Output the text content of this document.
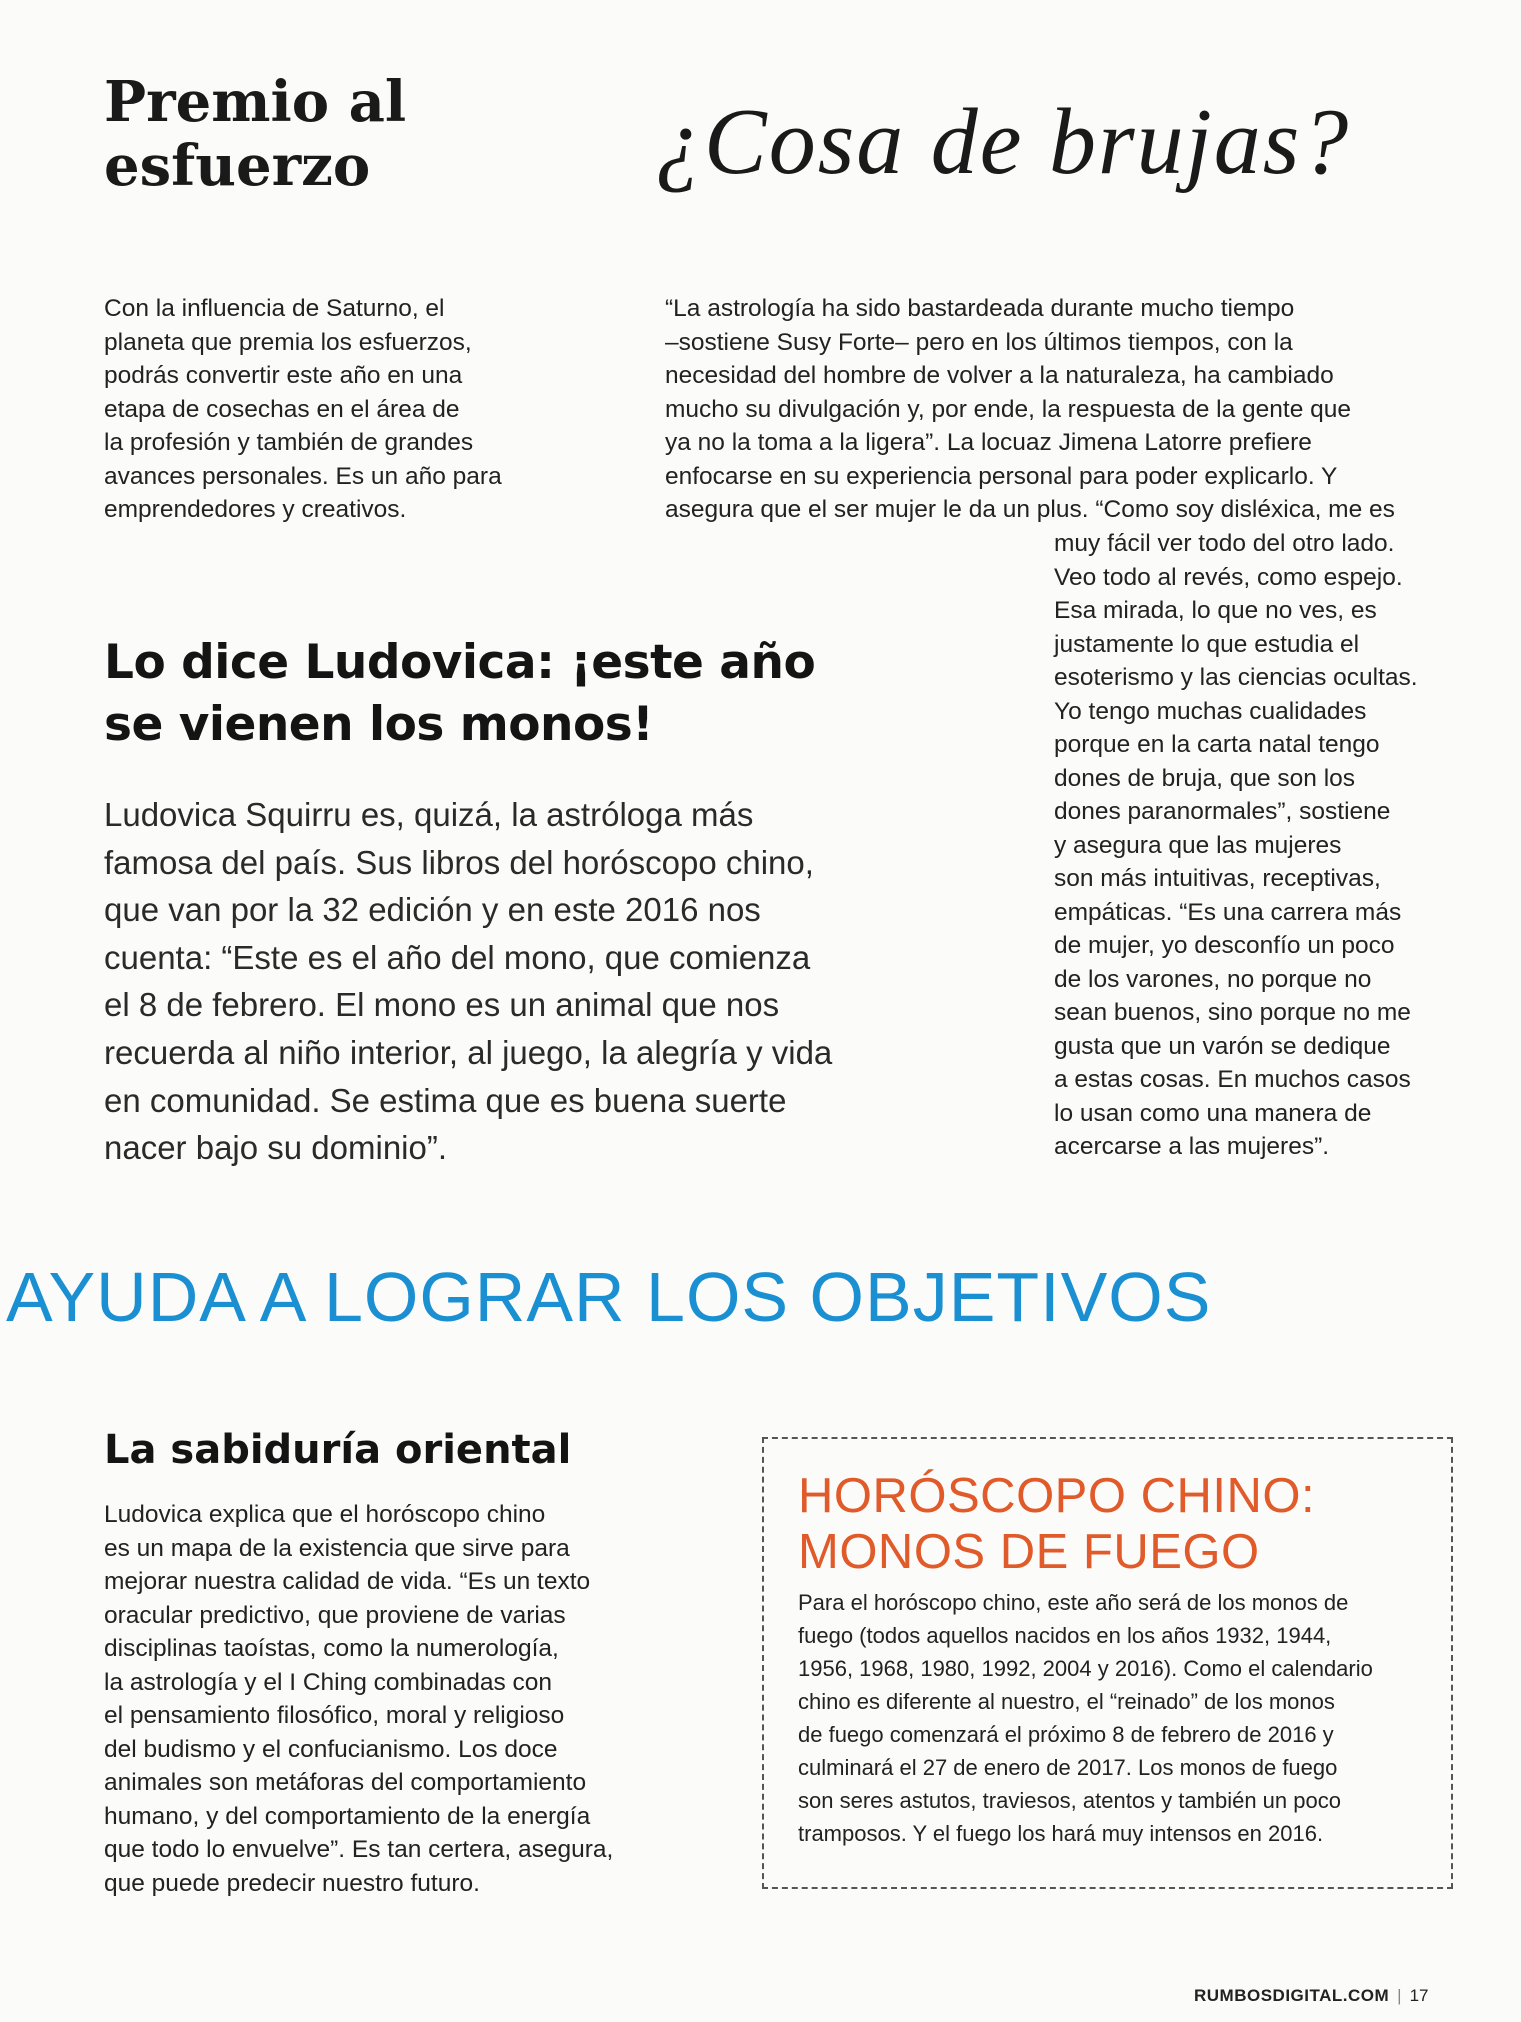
Premio al
esfuerzo
Con la influencia de Saturno, el
planeta que premia los esfuerzos,
podrás convertir este año en una
etapa de cosechas en el área de
la profesión y también de grandes
avances personales. Es un año para
emprendedores y creativos.
¿Cosa de brujas?
“La astrología ha sido bastardeada durante mucho tiempo
–sostiene Susy Forte– pero en los últimos tiempos, con la
necesidad del hombre de volver a la naturaleza, ha cambiado
mucho su divulgación y, por ende, la respuesta de la gente que
ya no la toma a la ligera”. La locuaz Jimena Latorre prefiere
enfocarse en su experiencia personal para poder explicarlo. Y
asegura que el ser mujer le da un plus. “Como soy disléxica, me es
muy fácil ver todo del otro lado.
Veo todo al revés, como espejo.
Esa mirada, lo que no ves, es
justamente lo que estudia el
esoterismo y las ciencias ocultas.
Yo tengo muchas cualidades
porque en la carta natal tengo
dones de bruja, que son los
dones paranormales”, sostiene
y asegura que las mujeres
son más intuitivas, receptivas,
empáticas. “Es una carrera más
de mujer, yo desconfío un poco
de los varones, no porque no
sean buenos, sino porque no me
gusta que un varón se dedique
a estas cosas. En muchos casos
lo usan como una manera de
acercarse a las mujeres”.
Lo dice Ludovica: ¡este año
se vienen los monos!
Ludovica Squirru es, quizá, la astróloga más
famosa del país. Sus libros del horóscopo chino,
que van por la 32 edición y en este 2016 nos
cuenta: “Este es el año del mono, que comienza
el 8 de febrero. El mono es un animal que nos
recuerda al niño interior, al juego, la alegría y vida
en comunidad. Se estima que es buena suerte
nacer bajo su dominio”.
AYUDA A LOGRAR LOS OBJETIVOS
La sabiduría oriental
Ludovica explica que el horóscopo chino
es un mapa de la existencia que sirve para
mejorar nuestra calidad de vida. “Es un texto
oracular predictivo, que proviene de varias
disciplinas taoístas, como la numerología,
la astrología y el I Ching combinadas con
el pensamiento filosófico, moral y religioso
del budismo y el confucianismo. Los doce
animales son metáforas del comportamiento
humano, y del comportamiento de la energía
que todo lo envuelve”. Es tan certera, asegura,
que puede predecir nuestro futuro.
HORÓSCOPO CHINO:
MONOS DE FUEGO
Para el horóscopo chino, este año será de los monos de
fuego (todos aquellos nacidos en los años 1932, 1944,
1956, 1968, 1980, 1992, 2004 y 2016). Como el calendario
chino es diferente al nuestro, el “reinado” de los monos
de fuego comenzará el próximo 8 de febrero de 2016 y
culminará el 27 de enero de 2017. Los monos de fuego
son seres astutos, traviesos, atentos y también un poco
tramposos. Y el fuego los hará muy intensos en 2016.
RUMBOSDIGITAL.COM | 17
